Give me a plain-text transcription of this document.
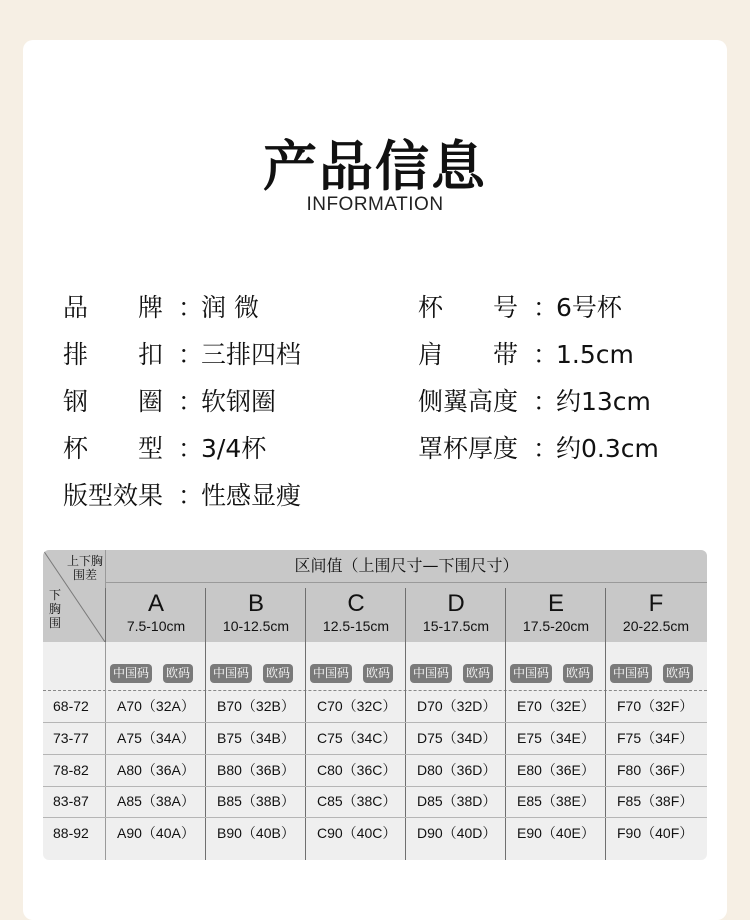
产品信息
INFORMATION
品　　牌 ：
润 微
排　　扣 ：
三排四档
钢　　圈 ：
软钢圈
杯　　型 ：
3/4杯
版型效果 ：
性感显瘦
杯　　号 ：
6号杯
肩　　带 ：
1.5cm
侧翼高度 ：
约13cm
罩杯厚度 ：
约0.3cm
上下胸围差
下胸围
区间值（上围尺寸—下围尺寸）
A
7.5-10cm
B
10-12.5cm
C
12.5-15cm
D
15-17.5cm
E
17.5-20cm
F
20-22.5cm
中国码 欧码 中国码 欧码 中国码 欧码 中国码 欧码 中国码 欧码 中国码 欧码
68-72 A70（32A） B70（32B） C70（32C） D70（32D） E70（32E） F70（32F）
73-77 A75（34A） B75（34B） C75（34C） D75（34D） E75（34E） F75（34F）
78-82 A80（36A） B80（36B） C80（36C） D80（36D） E80（36E） F80（36F）
83-87 A85（38A） B85（38B） C85（38C） D85（38D） E85（38E） F85（38F）
88-92 A90（40A） B90（40B） C90（40C） D90（40D） E90（40E） F90（40F）
